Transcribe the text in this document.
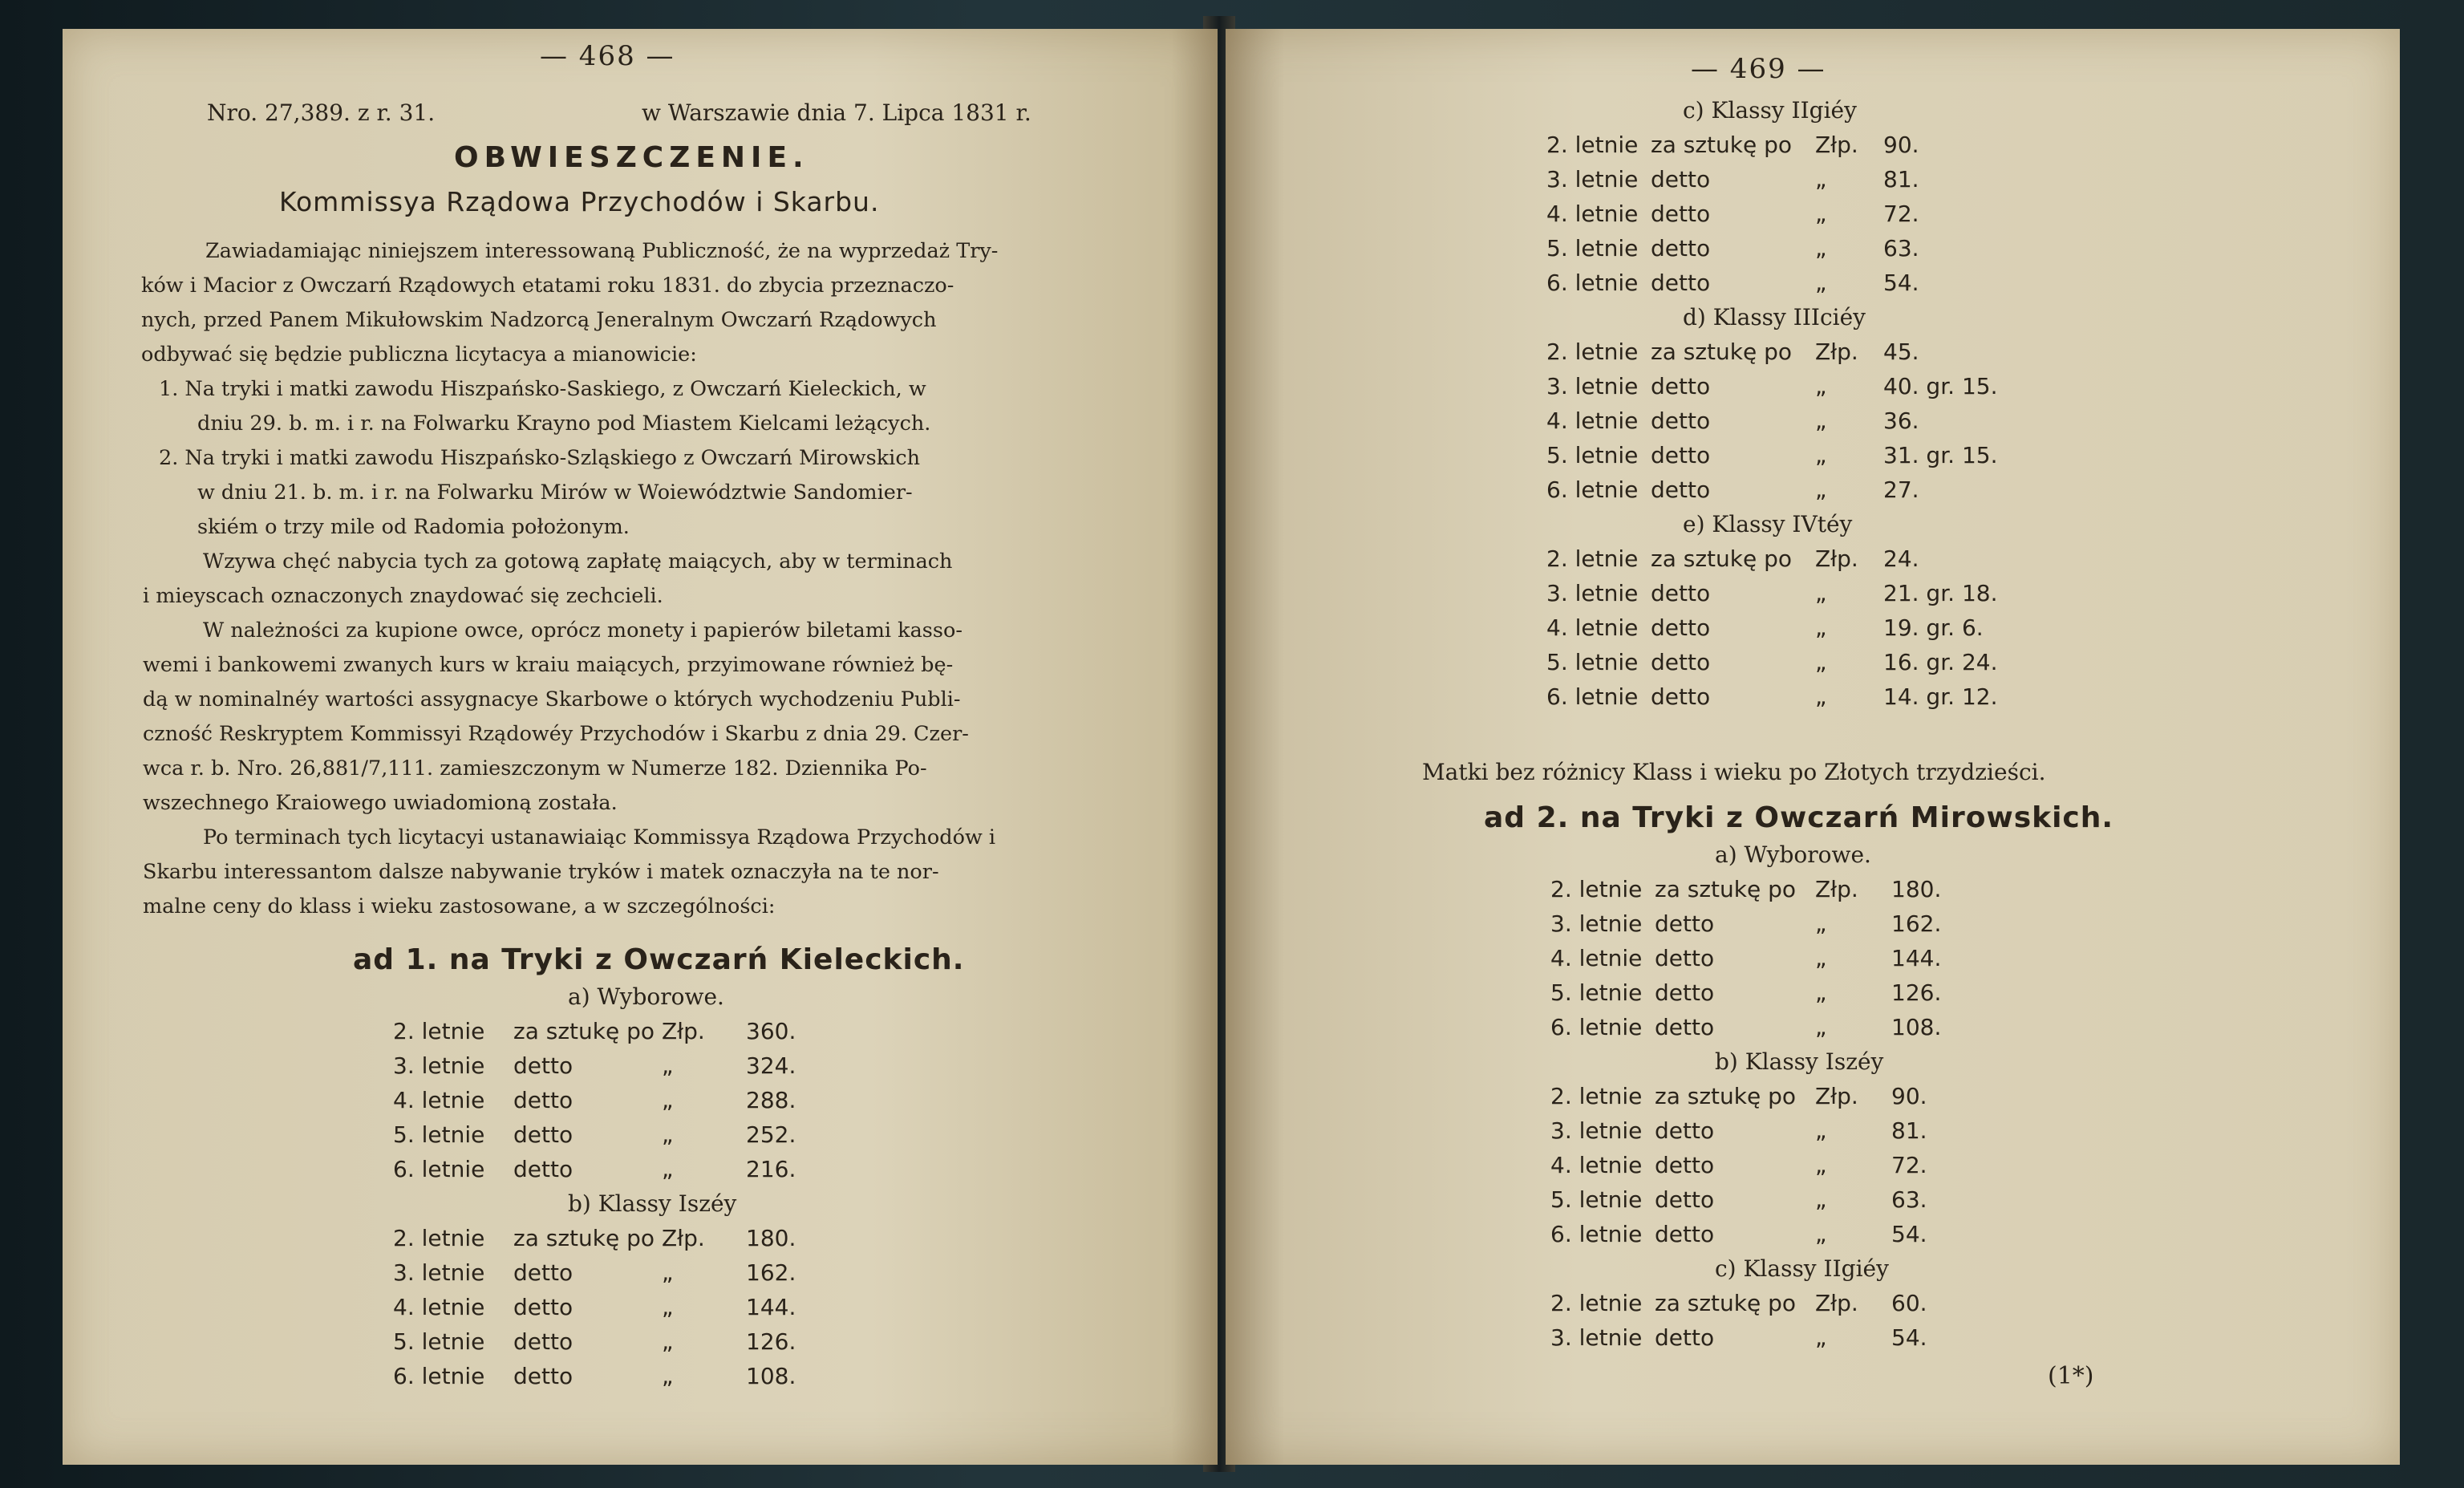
— 468 —
Nro. 27,389. z r. 31.	w Warszawie dnia 7. Lipca 1831 r.
OBWIESZCZENIE.
Kommissya Rządowa Przychodów i Skarbu.

Zawiadamiając niniejszem interessowaną Publiczność, że na wyprzedaż Try-

ków i Macior z Owczarń Rządowych etatami roku 1831. do zbycia przeznaczo-

nych, przed Panem Mikułowskim Nadzorcą Jeneralnym Owczarń Rządowych

odbywać się będzie publiczna licytacya a mianowicie:

1. Na tryki i matki zawodu Hiszpańsko-Saskiego, z Owczarń Kieleckich, w

dniu 29. b. m. i r. na Folwarku Krayno pod Miastem Kielcami leżących.

2. Na tryki i matki zawodu Hiszpańsko-Szląskiego z Owczarń Mirowskich

w dniu 21. b. m. i r. na Folwarku Mirów w Woiewództwie Sandomier-

skiém o trzy mile od Radomia położonym.

Wzywa chęć nabycia tych za gotową zapłatę maiących, aby w terminach

i mieyscach oznaczonych znaydować się zechcieli.

W należności za kupione owce, oprócz monety i papierów biletami kasso-

wemi i bankowemi zwanych kurs w kraiu maiących, przyimowane również bę-

dą w nominalnéy wartości assygnacye Skarbowe o których wychodzeniu Publi-

czność Reskryptem Kommissyi Rządowéy Przychodów i Skarbu z dnia 29. Czer-

wca r. b. Nro. 26,881/7,111. zamieszczonym w Numerze 182. Dziennika Po-

wszechnego Kraiowego uwiadomioną została.

Po terminach tych licytacyi ustanawiaiąc Kommissya Rządowa Przychodów i

Skarbu interessantom dalsze nabywanie tryków i matek oznaczyła na te nor-

malne ceny do klass i wieku zastosowane, a w szczególności:

ad 1. na Tryki z Owczarń Kieleckich.
a) Wyborowe.
2. letnie za sztukę po Złp. 360.
3. letnie detto	„	324.
4. letnie detto	„	288.
5. letnie detto	„	252.
6. letnie detto	„	216.
b) Klassy Iszéy
2. letnie za sztukę po Złp. 180.
3. letnie detto	„	162.
4. letnie detto	„	144.
5. letnie detto	„	126.
6. letnie detto	„	108.
— 469 —
c) Klassy IIgiéy
2. letnie za sztukę po Złp. 90.
3. letnie detto	„	81.
4. letnie detto	„	72.
5. letnie detto	„	63.
6. letnie detto	„	54.
d) Klassy IIIciéy
2. letnie za sztukę po Złp. 45.
3. letnie detto	„	40. gr. 15.
4. letnie detto	„	36.
5. letnie detto	„	31. gr. 15.
6. letnie detto	„	27.
e) Klassy IVtéy
2. letnie za sztukę po Złp. 24.
3. letnie detto	„	21. gr. 18.
4. letnie detto	„	19. gr. 6.
5. letnie detto	„	16. gr. 24.
6. letnie detto	„	14. gr. 12.
Matki bez różnicy Klass i wieku po Złotych trzydzieści.
ad 2. na Tryki z Owczarń Mirowskich.
a) Wyborowe.
2. letnie za sztukę po Złp. 180.
3. letnie detto	„	162.
4. letnie detto	„	144.
5. letnie detto	„	126.
6. letnie detto	„	108.
b) Klassy Iszéy
2. letnie za sztukę po Złp. 90.
3. letnie detto	„	81.
4. letnie detto	„	72.
5. letnie detto	„	63.
6. letnie detto	„	54.
c) Klassy IIgiéy
2. letnie za sztukę po Złp. 60.
3. letnie detto	„	54.
(1*)
